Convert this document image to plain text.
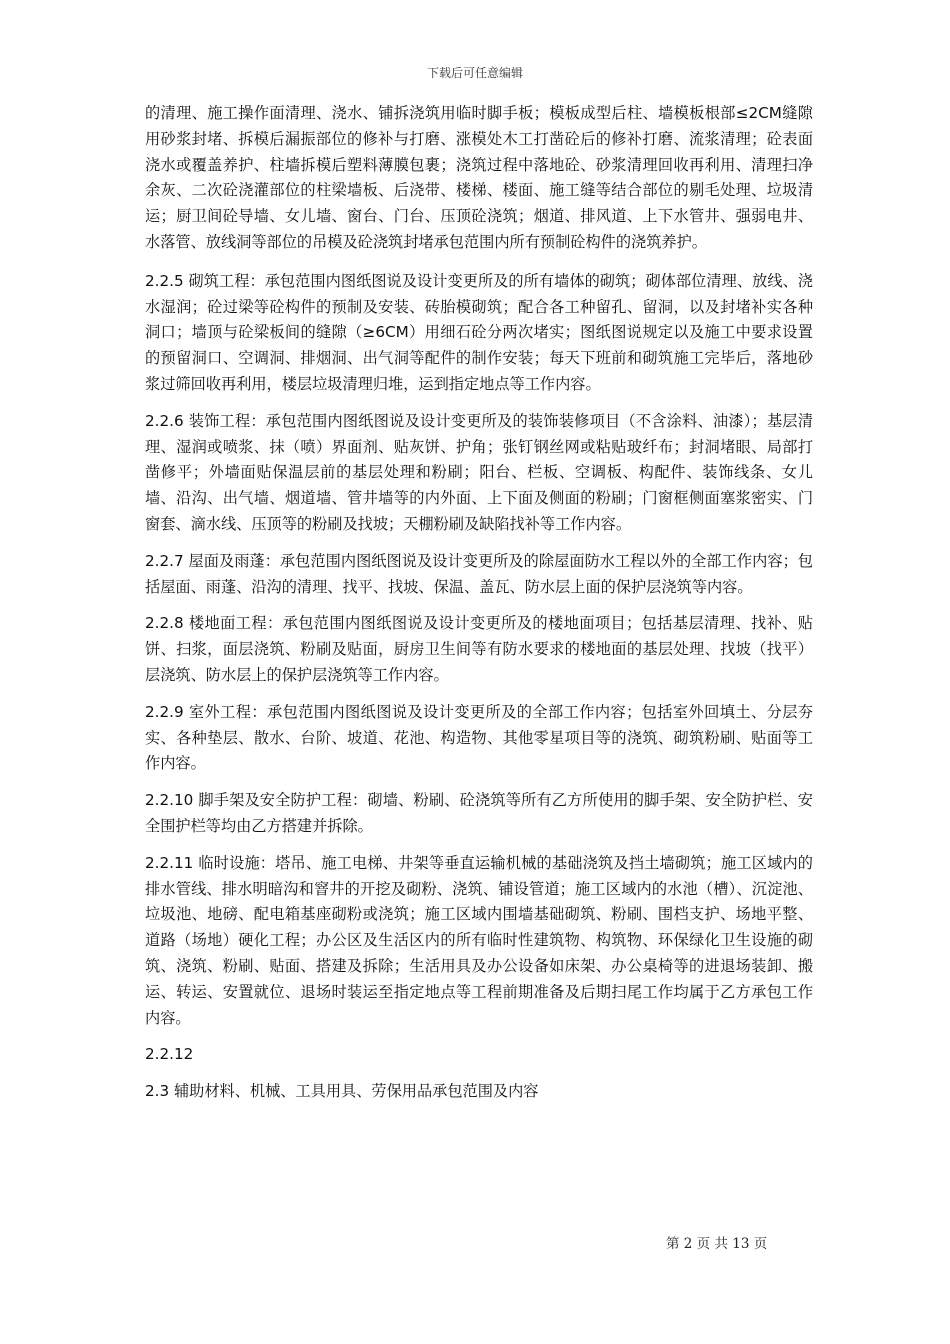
下载后可任意编辑

的清理、施工操作面清理、浇水、铺拆浇筑用临时脚手板；模板成型后柱、墙模板根部≤2CM缝隙用砂浆封堵、拆模后漏振部位的修补与打磨、涨模处木工打凿砼后的修补打磨、流浆清理；砼表面浇水或覆盖养护、柱墙拆模后塑料薄膜包裹；浇筑过程中落地砼、砂浆清理回收再利用、清理扫净余灰、二次砼浇灌部位的柱梁墙板、后浇带、楼梯、楼面、施工缝等结合部位的剔毛处理、垃圾清运；厨卫间砼导墙、女儿墙、窗台、门台、压顶砼浇筑；烟道、排风道、上下水管井、强弱电井、水落管、放线洞等部位的吊模及砼浇筑封堵承包范围内所有预制砼构件的浇筑养护。

2.2.5 砌筑工程：承包范围内图纸图说及设计变更所及的所有墙体的砌筑；砌体部位清理、放线、浇水湿润；砼过梁等砼构件的预制及安装、砖胎模砌筑；配合各工种留孔、留洞，以及封堵补实各种洞口；墙顶与砼梁板间的缝隙（≥6CM）用细石砼分两次堵实；图纸图说规定以及施工中要求设置的预留洞口、空调洞、排烟洞、出气洞等配件的制作安装；每天下班前和砌筑施工完毕后，落地砂浆过筛回收再利用，楼层垃圾清理归堆，运到指定地点等工作内容。

2.2.6 装饰工程：承包范围内图纸图说及设计变更所及的装饰装修项目（不含涂料、油漆）；基层清理、湿润或喷浆、抹（喷）界面剂、贴灰饼、护角；张钉钢丝网或粘贴玻纤布；封洞堵眼、局部打凿修平；外墙面贴保温层前的基层处理和粉刷；阳台、栏板、空调板、构配件、装饰线条、女儿墙、沿沟、出气墙、烟道墙、管井墙等的内外面、上下面及侧面的粉刷；门窗框侧面塞浆密实、门窗套、滴水线、压顶等的粉刷及找坡；天棚粉刷及缺陷找补等工作内容。

2.2.7 屋面及雨蓬：承包范围内图纸图说及设计变更所及的除屋面防水工程以外的全部工作内容；包括屋面、雨蓬、沿沟的清理、找平、找坡、保温、盖瓦、防水层上面的保护层浇筑等内容。

2.2.8 楼地面工程：承包范围内图纸图说及设计变更所及的楼地面项目；包括基层清理、找补、贴饼、扫浆，面层浇筑、粉刷及贴面，厨房卫生间等有防水要求的楼地面的基层处理、找坡（找平）层浇筑、防水层上的保护层浇筑等工作内容。

2.2.9 室外工程：承包范围内图纸图说及设计变更所及的全部工作内容；包括室外回填土、分层夯实、各种垫层、散水、台阶、坡道、花池、构造物、其他零星项目等的浇筑、砌筑粉刷、贴面等工作内容。

2.2.10 脚手架及安全防护工程：砌墙、粉刷、砼浇筑等所有乙方所使用的脚手架、安全防护栏、安全围护栏等均由乙方搭建并拆除。

2.2.11 临时设施：塔吊、施工电梯、井架等垂直运输机械的基础浇筑及挡土墙砌筑；施工区域内的排水管线、排水明暗沟和窨井的开挖及砌粉、浇筑、铺设管道；施工区域内的水池（槽）、沉淀池、垃圾池、地磅、配电箱基座砌粉或浇筑；施工区域内围墙基础砌筑、粉刷、围档支护、场地平整、道路（场地）硬化工程；办公区及生活区内的所有临时性建筑物、构筑物、环保绿化卫生设施的砌筑、浇筑、粉刷、贴面、搭建及拆除；生活用具及办公设备如床架、办公桌椅等的进退场装卸、搬运、转运、安置就位、退场时装运至指定地点等工程前期准备及后期扫尾工作均属于乙方承包工作内容。

2.2.12

2.3 辅助材料、机械、工具用具、劳保用品承包范围及内容

第 2 页 共 13 页
